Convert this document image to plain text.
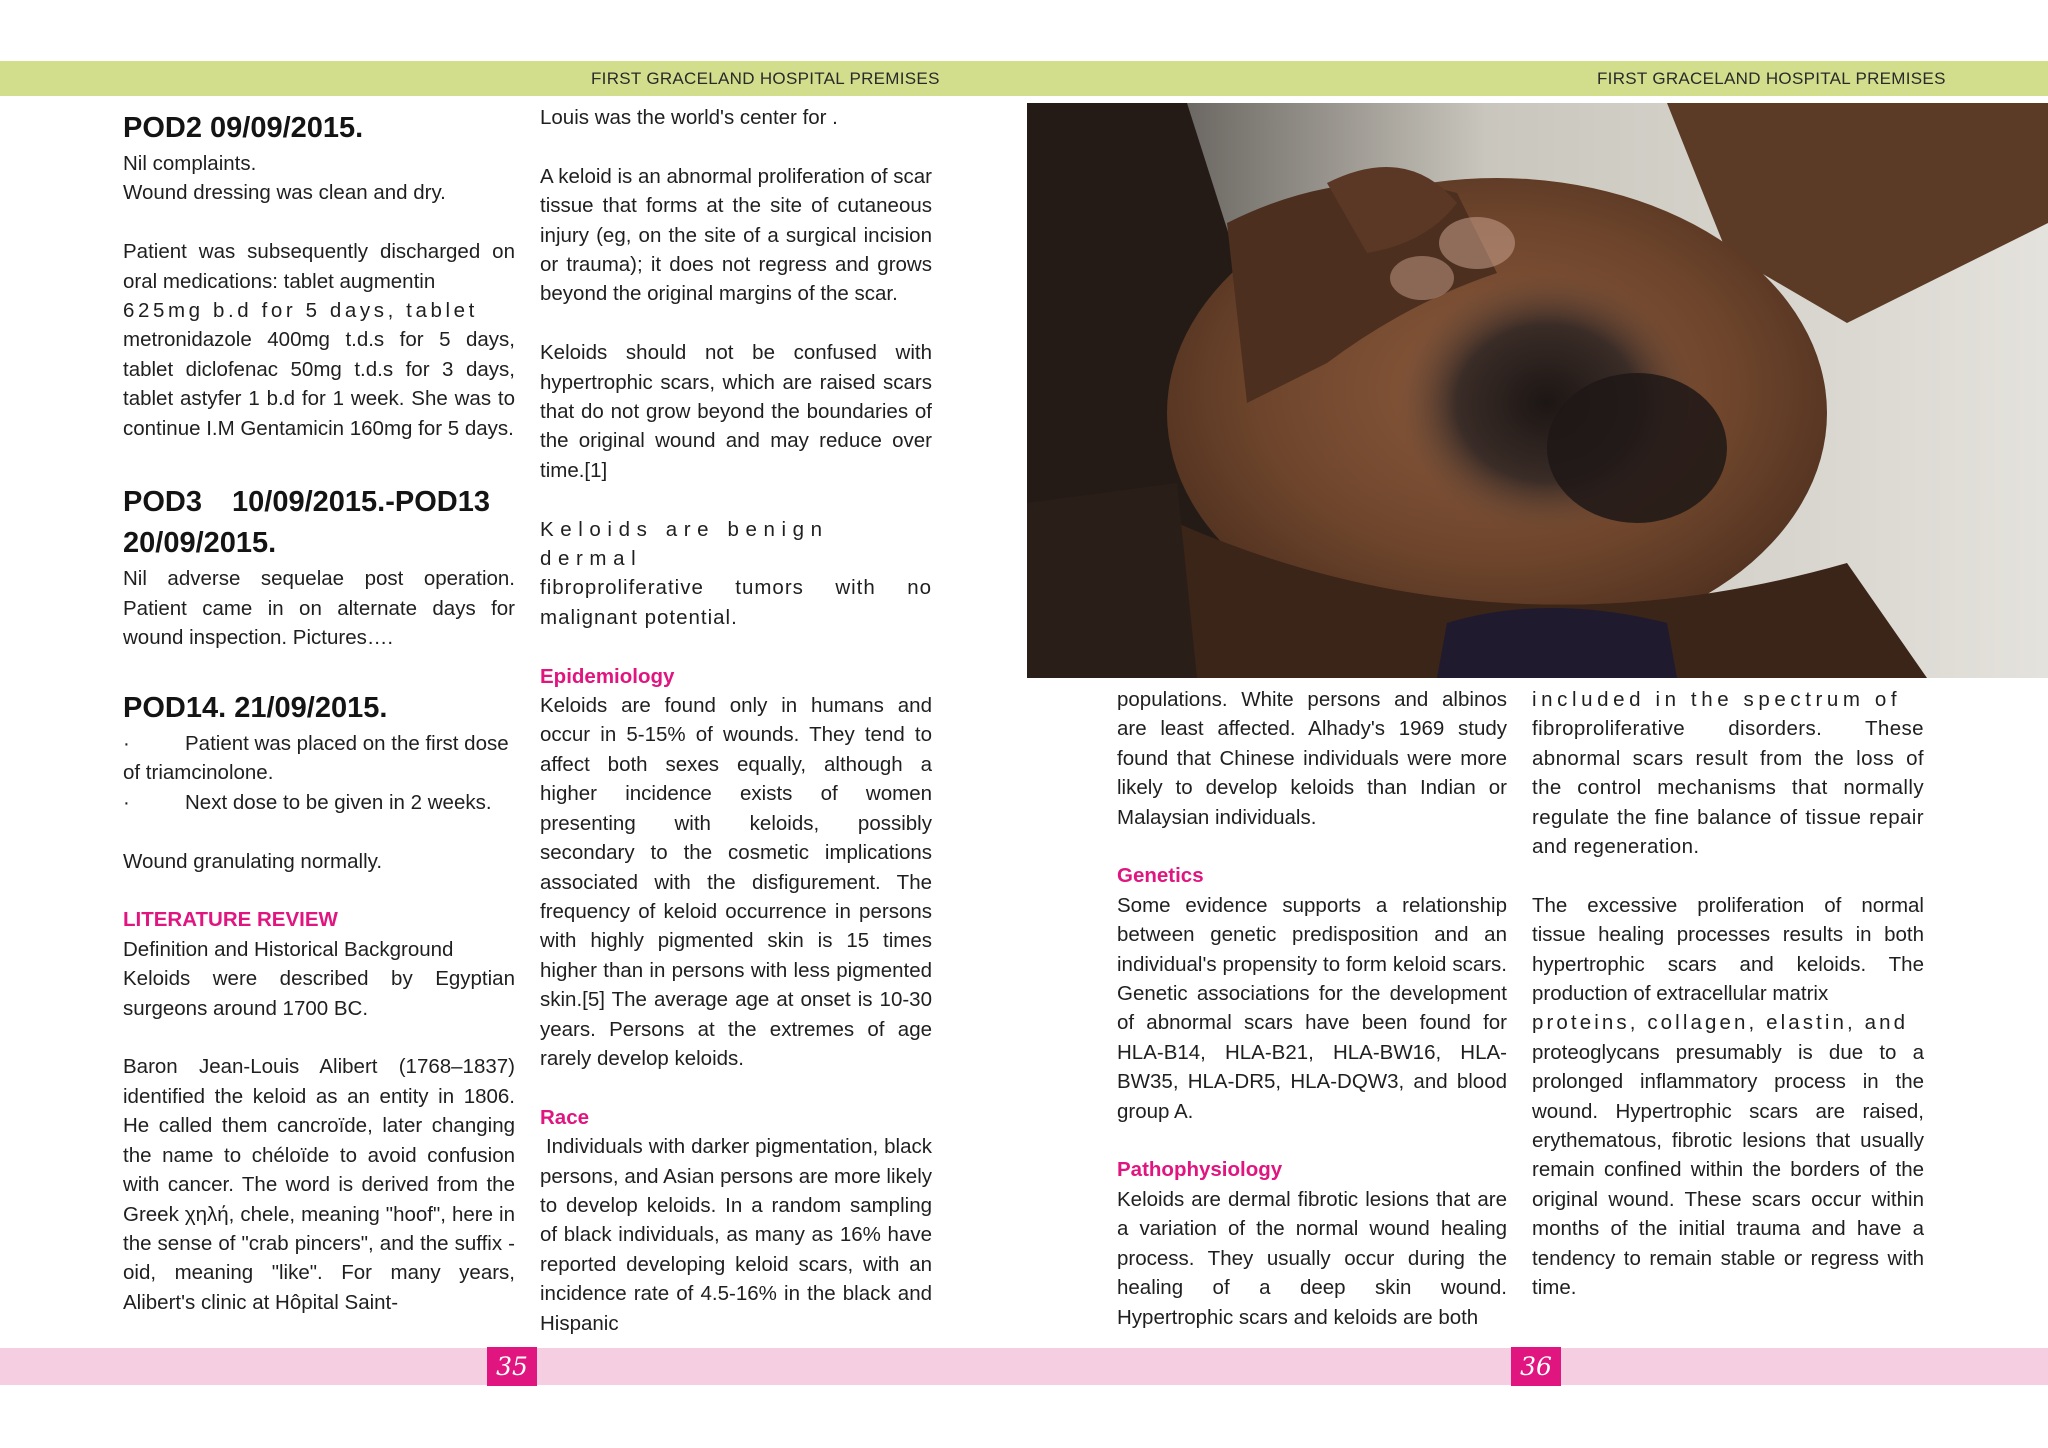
FIRST GRACELAND HOSPITAL PREMISES	FIRST GRACELAND HOSPITAL PREMISES
POD2 09/09/2015.

Nil complaints.

Wound dressing was clean and dry.

Patient was subsequently discharged on oral medications: tablet augmentin

625mg b.d for 5 days, tablet

metronidazole 400mg t.d.s for 5 days, tablet diclofenac 50mg t.d.s for 3 days, tablet astyfer 1 b.d for 1 week. She was to continue I.M Gentamicin 160mg for 5 days.

POD3 10/09/2015.-POD13
20/09/2015.

Nil adverse sequelae post operation. Patient came in on alternate days for wound inspection. Pictures….

POD14. 21/09/2015.
·	Patient was placed on the first dose of triamcinolone.

·	Next dose to be given in 2 weeks.

Wound granulating normally.

LITERATURE REVIEW

Definition and Historical Background

Keloids were described by Egyptian surgeons around 1700 BC.

Baron Jean-Louis Alibert (1768–1837) identified the keloid as an entity in 1806. He called them cancroïde, later changing the name to chéloïde to avoid confusion with cancer. The word is derived from the Greek χηλή, chele, meaning "hoof", here in the sense of "crab pincers", and the suffix -oid, meaning "like". For many years, Alibert's clinic at Hôpital Saint-

Louis was the world's center for .

A keloid is an abnormal proliferation of scar tissue that forms at the site of cutaneous injury (eg, on the site of a surgical incision or trauma); it does not regress and grows beyond the original margins of the scar.

Keloids should not be confused with hypertrophic scars, which are raised scars that do not grow beyond the boundaries of the original wound and may reduce over time.[1]

Keloids are benign dermal

fibroproliferative tumors with no malignant potential.

Epidemiology

Keloids are found only in humans and occur in 5-15% of wounds. They tend to affect both sexes equally, although a higher incidence exists of women presenting with keloids, possibly secondary to the cosmetic implications associated with the disfigurement. The frequency of keloid occurrence in persons with highly pigmented skin is 15 times higher than in persons with less pigmented skin.[5] The average age at onset is 10-30 years. Persons at the extremes of age rarely develop keloids.

Race

Individuals with darker pigmentation, black persons, and Asian persons are more likely to develop keloids. In a random sampling of black individuals, as many as 16% have reported developing keloid scars, with an incidence rate of 4.5-16% in the black and Hispanic

populations. White persons and albinos are least affected. Alhady's 1969 study found that Chinese individuals were more likely to develop keloids than Indian or Malaysian individuals.

Genetics

Some evidence supports a relationship between genetic predisposition and an individual's propensity to form keloid scars. Genetic associations for the development of abnormal scars have been found for HLA-B14, HLA-B21, HLA-BW16, HLA-BW35, HLA-DR5, HLA-DQW3, and blood group A.

Pathophysiology

Keloids are dermal fibrotic lesions that are a variation of the normal wound healing process. They usually occur during the healing of a deep skin wound. Hypertrophic scars and keloids are both

included in the spectrum of

fibroproliferative disorders. These abnormal scars result from the loss of the control mechanisms that normally regulate the fine balance of tissue repair and regeneration.

The excessive proliferation of normal tissue healing processes results in both hypertrophic scars and keloids. The production of extracellular matrix

proteins, collagen, elastin, and

proteoglycans presumably is due to a prolonged inflammatory process in the wound. Hypertrophic scars are raised, erythematous, fibrotic lesions that usually remain confined within the borders of the original wound. These scars occur within months of the initial trauma and have a tendency to remain stable or regress with time.

35	36
